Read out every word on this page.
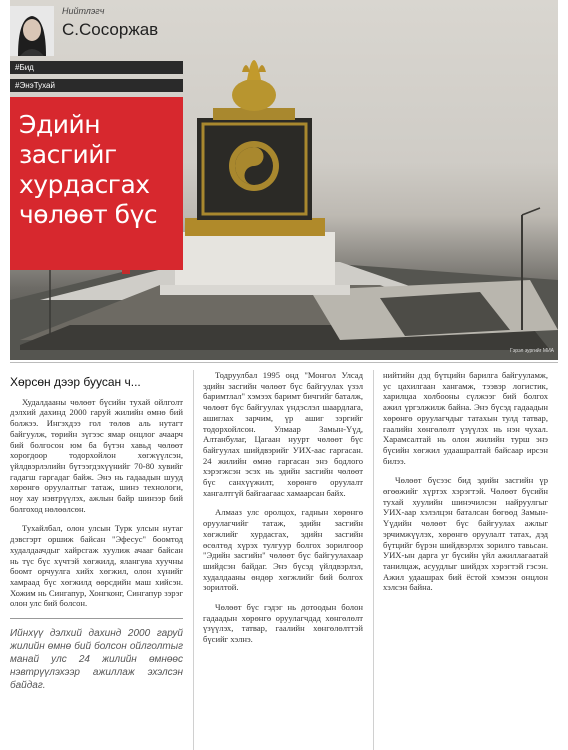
Нийтлэгч
С.Сосоржав
#Бид
#ЭнэТухай
Эдийн засгийг хурдасгах чөлөөт бүс
Гэрэл зургийг МИА
Хөрсөн дээр буусан ч...

Худалдааны чөлөөт бүсийн тухай ойлголт дэлхий дахинд 2000 гаруй жилийн өмнө бий болжээ. Ингэхдээ гол төлөв аль нутагт байгуулж, төрийн зүгээс ямар онцлог ачаарч бий болгосон юм ба бүтэн хавьд чөлөөт хорогдоор тодорхойлон хөгжүүлсэн, үйлдвэрлэлийн бүтээгдэхүүнийг 70-80 хувийг гадагш гаргадаг байж. Энэ нь гадаадын шууд хөрөнгө оруулалтыг татаж, шинэ технологи, ноу хау нэвтрүүлэх, ажлын байр шинээр бий болгоход нөлөөлсөн.

Тухайлбал, олон улсын Турк улсын нутаг дэвсгэрт оршиж байсан "Эфесус" боомтод худалдаачдыг хайрсгаж хуулиж ачааг байсан нь түс бүс хүчтэй хөгжилд, ялангуяа хуучны боомт орчуулга хийх хөгжил, олон хүнийг хамраад бүс хөгжилд өөрсдийн маш хийсэн. Хожим нь Сингапур, Хонгконг, Сингапур зэрэг олон улс бий болсон.

Ийнхүү дэлхий дахинд 2000 гаруй жилийн өмнө бий болсон ойлголтыг манай улс 24 жилийн өмнөөс нэвтрүүлэхээр ажиллаж эхэлсэн байдаг.

Тодруулбал 1995 онд "Монгол Улсад эдийн засгийн чөлөөт бүс байгуулах үзэл баримтлал" хэмээх баримт бичгийг баталж, чөлөөт бүс байгуулах үндэслэл шаардлага, ашиглах зарчим, үр ашиг зэргийг тодорхойлсон. Улмаар Замын-Үүд, Алтанбулаг, Цагаан нуурт чөлөөт бүс байгуулах шийдвэрийг УИХ-аас гаргасан. 24 жилийн өмнө гаргасан энэ бодлого хэрэгжсэн эсэх нь эдийн засгийн чөлөөт бүс санхүүжилт, хөрөнгө оруулалт хангалтгүй байгаагаас хамаарсан байх.

Алмааз улс оролцох, гаднын хөрөнгө оруулагчийг татаж, эдийн засгийн хөгжлийг хурдасгах, эдийн засгийн өсөлтөд хүрэх тулгуур болгох зорилгоор "Эдийн засгийн" чөлөөт бүс байгуулахаар шийдсэн байдаг. Энэ бүсэд үйлдвэрлэл, худалдааны өндөр хөгжлийг бий болгох зорилтой.

Чөлөөт бүс гэдэг нь дотоодын болон гадаадын хөрөнгө оруулагчдад хөнгөлөлт үзүүлэх, татвар, гаалийн хөнгөлөлттэй бүсийг хэлнэ.

нийтийн дэд бүтцийн барилга байгууламж, ус цахилгаан хангамж, тээвэр логистик, харилцаа холбооны сүлжээг бий болгох ажил үргэлжилж байна. Энэ бүсэд гадаадын хөрөнгө оруулагчдыг татахын тулд татвар, гаалийн хөнгөлөлт үзүүлэх нь нэн чухал. Харамсалтай нь олон жилийн турш энэ бүсийн хөгжил удаашралтай байсаар ирсэн билээ.

Чөлөөт бүсээс бид эдийн засгийн үр өгөөжийг хүртэх хэрэгтэй. Чөлөөт бүсийн тухай хуулийн шинэчилсэн найруулгыг УИХ-аар хэлэлцэн баталсан бөгөөд Замын-Үүдийн чөлөөт бүс байгуулах ажлыг эрчимжүүлэх, хөрөнгө оруулалт татах, дэд бүтцийг бүрэн шийдвэрлэх зорилго тавьсан. УИХ-ын дарга уг бүсийн үйл ажиллагаатай танилцаж, асуудлыг шийдэх хэрэгтэй гэсэн. Ажил удаашрах бий ёстой хэмээн онцлон хэлсэн байна.
